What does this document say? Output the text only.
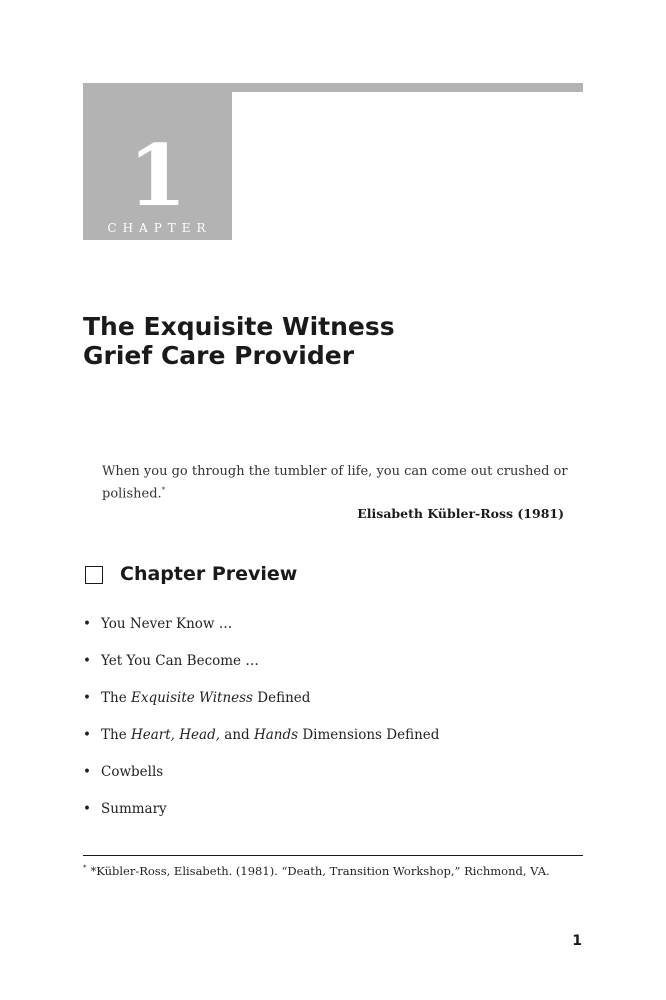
1
CHAPTER
The Exquisite Witness
Grief Care Provider
When you go through the tumbler of life, you can come out crushed or polished.*
Elisabeth Kübler-Ross (1981)
Chapter Preview
• You Never Know …
• Yet You Can Become …
• The Exquisite Witness Defined
• The Heart, Head, and Hands Dimensions Defined
• Cowbells
• Summary
* *Kübler-Ross, Elisabeth. (1981). “Death, Transition Workshop,” Richmond, VA.
1
